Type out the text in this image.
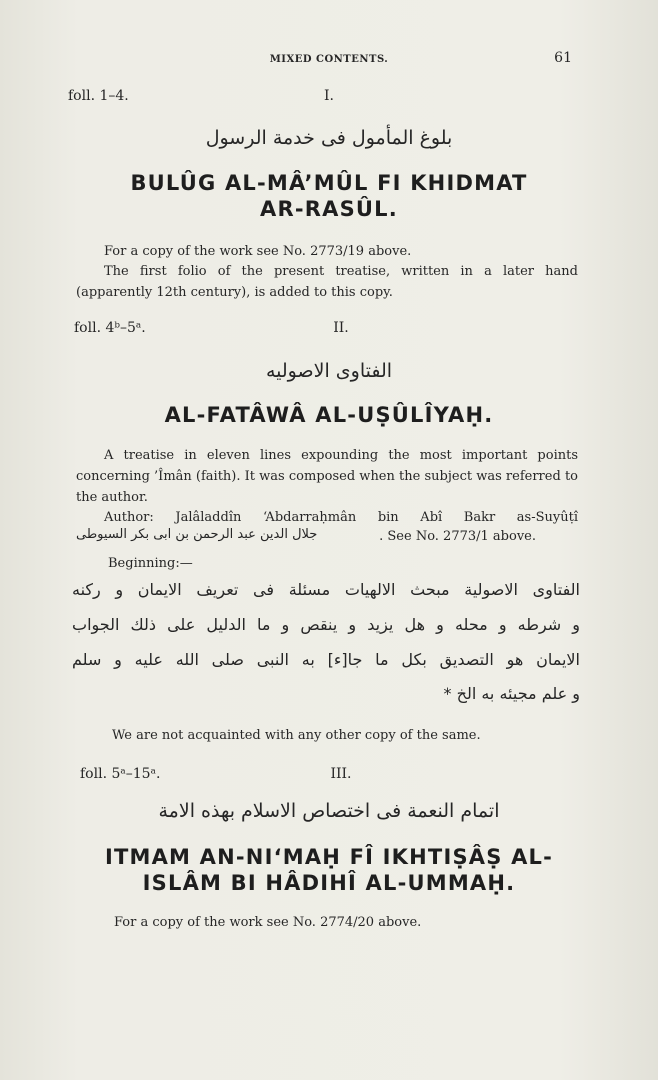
MIXED CONTENTS.	61
foll. 1–4.	I.
بلوغ المأمول فى خدمة الرسول
BULÛG AL-MÂ’MÛL FI KHIDMAT
AR-RASÛL.
For a copy of the work see No. 2773/19 above.
The first folio of the present treatise, written in a later hand (apparently 12th century), is added to this copy.
foll. 4ᵇ–5ᵃ.	II.
الفتاوى الاصوليه
AL-FATÂWÂ AL-UṢÛLÎYAḤ.
A treatise in eleven lines expounding the most important points concerning ’Îmân (faith). It was composed when the subject was referred to the author.
Author: Jalâladdîn ‘Abdarraḥmân bin Abî Bakr as-Suyûṭî
جلال الدين عبد الرحمن بن ابى بكر السيوطى	. See No. 2773/1 above.
Beginning:—
الفتاوى الاصولية مبحث الالهيات مسئلة فى تعريف الايمان و ركنه
و شرطه و محله و هل يزيد و ينقص و ما الدليل على ذلك الجواب
الايمان هو التصديق بكل ما جا[ء] به النبى صلى الله عليه و سلم
و علم مجيئه به الخ *
We are not acquainted with any other copy of the same.
foll. 5ᵃ–15ᵃ.	III.
اتمام النعمة فى اختصاص الاسلام بهذه الامة
ITMAM AN-NI‘MAḤ FÎ IKHTIṢÂṢ AL-
ISLÂM BI HÂDIHÎ AL-UMMAḤ.
For a copy of the work see No. 2774/20 above.
